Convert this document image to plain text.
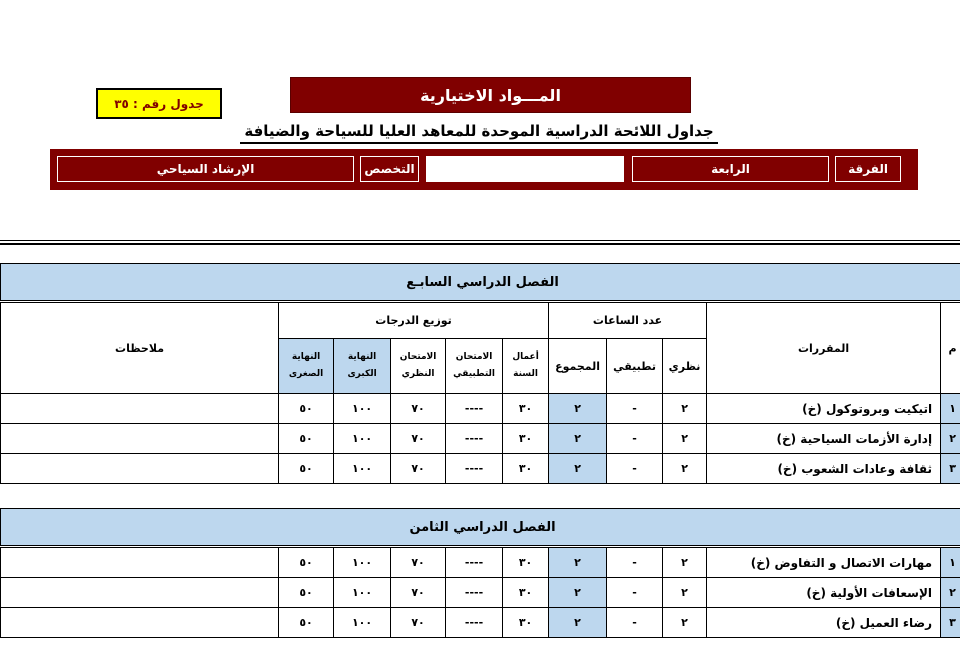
المـــواد الاختيارية
جدول رقم : ٣٥
جداول اللائحة الدراسية الموحدة للمعاهد العليا للسياحة والضيافة
الفرقة
الرابعة
التخصص
الإرشاد السياحي
الفصل الدراسي السابـع										
م	المقررات	عدد الساعات			توزيع الدرجات					ملاحظات
		نظري	تطبيقي	المجموع	أعمال السنة	الامتحان التطبيقي	الامتحان النظري	النهاية الكبرى	النهاية الصغرى	
١	اتيكيت وبروتوكول (خ)	٢	-	٢	٣٠	----	٧٠	١٠٠	٥٠	
٢	إدارة الأزمات السياحية (خ)	٢	-	٢	٣٠	----	٧٠	١٠٠	٥٠	
٣	ثقافة وعادات الشعوب (خ)	٢	-	٢	٣٠	----	٧٠	١٠٠	٥٠	
الفصل الدراسي الثامن										
١	مهارات الاتصال و التفاوض (خ)	٢	-	٢	٣٠	----	٧٠	١٠٠	٥٠	
٢	الإسعافات الأولية (خ)	٢	-	٢	٣٠	----	٧٠	١٠٠	٥٠	
٣	رضاء العميل (خ)	٢	-	٢	٣٠	----	٧٠	١٠٠	٥٠	
